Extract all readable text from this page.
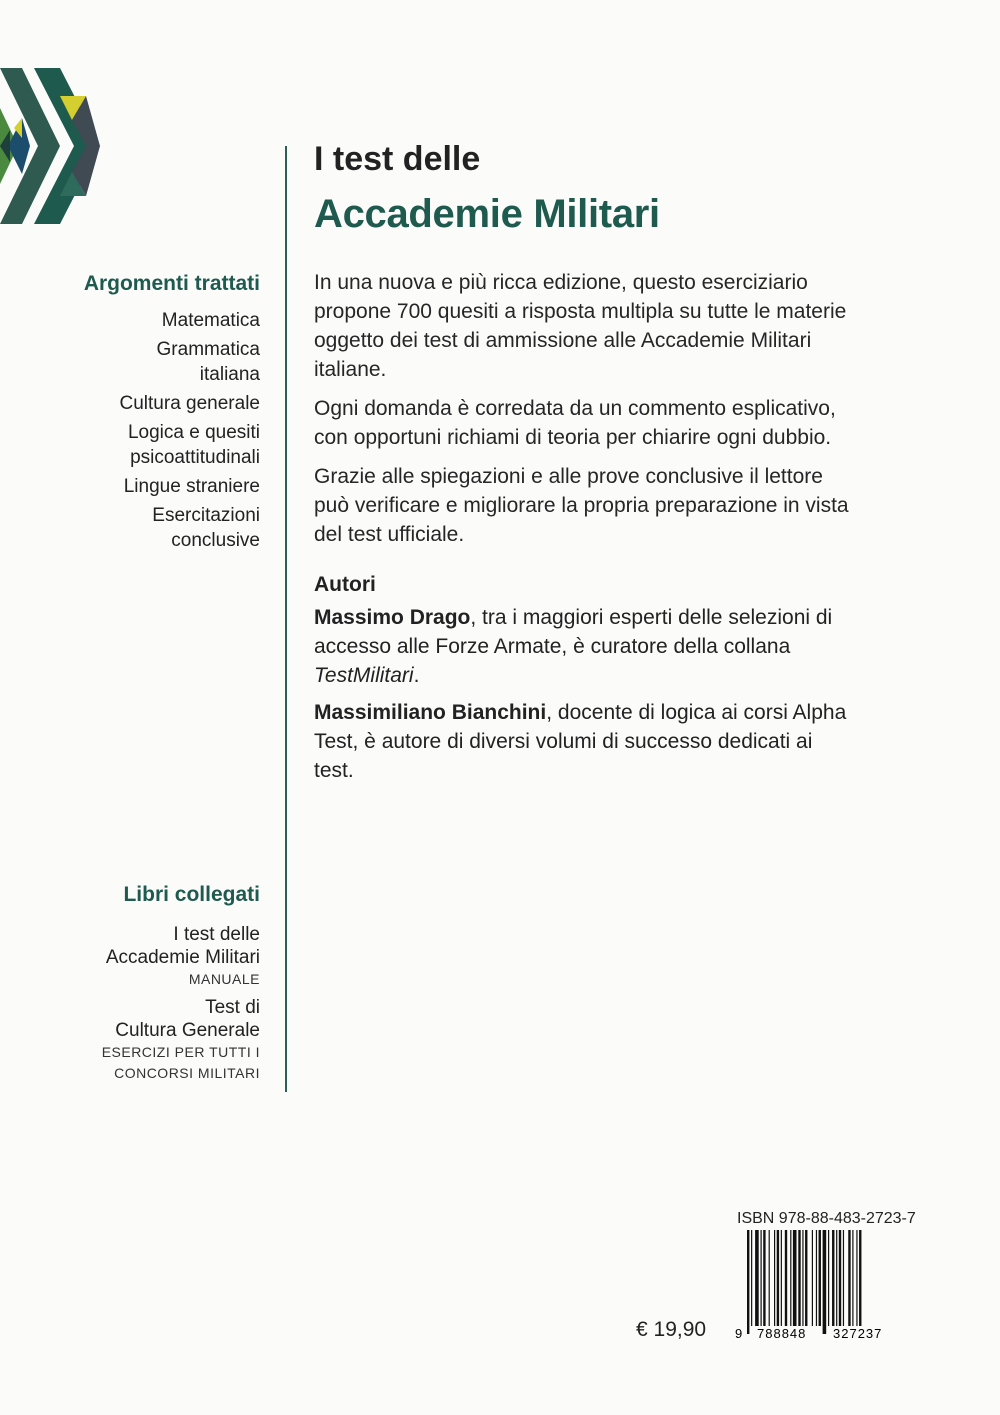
Argomenti trattati
Matematica
Grammatica
italiana
Cultura generale
Logica e quesiti
psicoattitudinali
Lingue straniere
Esercitazioni
conclusive
Libri collegati
I test delle
Accademie Militari
MANUALE
Test di
Cultura Generale
ESERCIZI PER TUTTI I
CONCORSI MILITARI
I test delle
Accademie Militari

In una nuova e più ricca edizione, questo eserciziario propone 700 quesiti a risposta multipla su tutte le materie oggetto dei test di ammissione alle Accademie Militari italiane.

Ogni domanda è corredata da un commento esplicativo, con opportuni richiami di teoria per chiarire ogni dubbio.

Grazie alle spiegazioni e alle prove conclusive il lettore può verificare e migliorare la propria preparazione in vista del test ufficiale.

Autori

Massimo Drago, tra i maggiori esperti delle selezioni di accesso alle Forze Armate, è curatore della collana TestMilitari.

Massimiliano Bianchini, docente di logica ai corsi Alpha Test, è autore di diversi volumi di successo dedicati ai test.

ISBN 978-88-483-2723-7
9 788848 327237
€ 19,90
